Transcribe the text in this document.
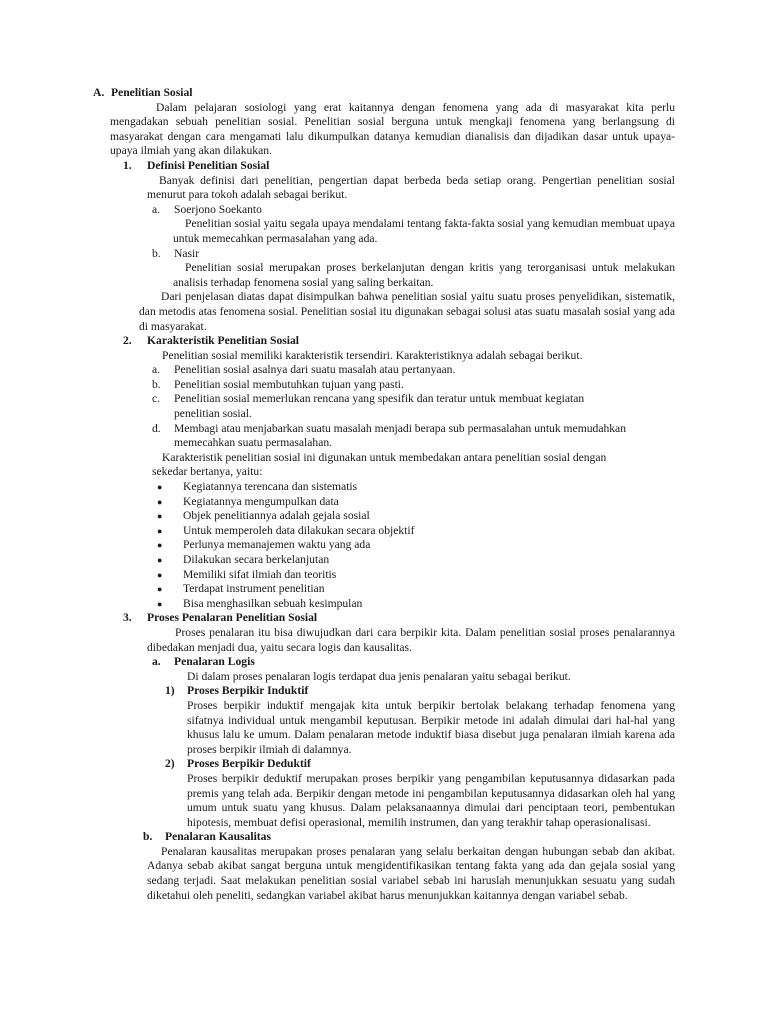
A. Penelitian Sosial

Dalam pelajaran sosiologi yang erat kaitannya dengan fenomena yang ada di masyarakat kita perlu mengadakan sebuah penelitian sosial. Penelitian sosial berguna untuk mengkaji fenomena yang berlangsung di masyarakat dengan cara mengamati lalu dikumpulkan datanya kemudian dianalisis dan dijadikan dasar untuk upaya-upaya ilmiah yang akan dilakukan.

1. Definisi Penelitian Sosial

Banyak definisi dari penelitian, pengertian dapat berbeda beda setiap orang. Pengertian penelitian sosial menurut para tokoh adalah sebagai berikut.

a.	Soerjono Soekanto

Penelitian sosial yaitu segala upaya mendalami tentang fakta-fakta sosial yang kemudian membuat upaya untuk memecahkan permasalahan yang ada.

b.	Nasir

Penelitian sosial merupakan proses berkelanjutan dengan kritis yang terorganisasi untuk melakukan analisis terhadap fenomena sosial yang saling berkaitan.

Dari penjelasan diatas dapat disimpulkan bahwa penelitian sosial yaitu suatu proses penyelidikan, sistematik, dan metodis atas fenomena sosial. Penelitian sosial itu digunakan sebagai solusi atas suatu masalah sosial yang ada di masyarakat.

2. Karakteristik Penelitian Sosial

Penelitian sosial memiliki karakteristik tersendiri. Karakteristiknya adalah sebagai berikut.

a.	Penelitian sosial asalnya dari suatu masalah atau pertanyaan.
b.	Penelitian sosial membutuhkan tujuan yang pasti.
c.	Penelitian sosial memerlukan rencana yang spesifik dan teratur untuk membuat kegiatan penelitian sosial.
d.	Membagi atau menjabarkan suatu masalah menjadi berapa sub permasalahan untuk memudahkan memecahkan suatu permasalahan.

Karakteristik penelitian sosial ini digunakan untuk membedakan antara penelitian sosial dengan sekedar bertanya, yaitu:

●	Kegiatannya terencana dan sistematis
●	Kegiatannya mengumpulkan data
●	Objek penelitiannya adalah gejala sosial
●	Untuk memperoleh data dilakukan secara objektif
●	Perlunya memanajemen waktu yang ada
●	Dilakukan secara berkelanjutan
●	Memiliki sifat ilmiah dan teoritis
●	Terdapat instrument penelitian
●	Bisa menghasilkan sebuah kesimpulan

3. Proses Penalaran Penelitian Sosial

Proses penalaran itu bisa diwujudkan dari cara berpikir kita. Dalam penelitian sosial proses penalarannya dibedakan menjadi dua, yaitu secara logis dan kausalitas.

a.	Penalaran Logis

Di dalam proses penalaran logis terdapat dua jenis penalaran yaitu sebagai berikut.

1)	Proses Berpikir Induktif

Proses berpikir induktif mengajak kita untuk berpikir bertolak belakang terhadap fenomena yang sifatnya individual untuk mengambil keputusan. Berpikir metode ini adalah dimulai dari hal-hal yang khusus lalu ke umum. Dalam penalaran metode induktif biasa disebut juga penalaran ilmiah karena ada proses berpikir ilmiah di dalamnya.

2)	Proses Berpikir Deduktif

Proses berpikir deduktif merupakan proses berpikir yang pengambilan keputusannya didasarkan pada premis yang telah ada. Berpikir dengan metode ini pengambilan keputusannya didasarkan oleh hal yang umum untuk suatu yang khusus. Dalam pelaksanaannya dimulai dari penciptaan teori, pembentukan hipotesis, membuat defisi operasional, memilih instrumen, dan yang terakhir tahap operasionalisasi.

b.	Penalaran Kausalitas

Penalaran kausalitas merupakan proses penalaran yang selalu berkaitan dengan hubungan sebab dan akibat. Adanya sebab akibat sangat berguna untuk mengidentifikasikan tentang fakta yang ada dan gejala sosial yang sedang terjadi. Saat melakukan penelitian sosial variabel sebab ini haruslah menunjukkan sesuatu yang sudah diketahui oleh peneliti, sedangkan variabel akibat harus menunjukkan kaitannya dengan variabel sebab.
